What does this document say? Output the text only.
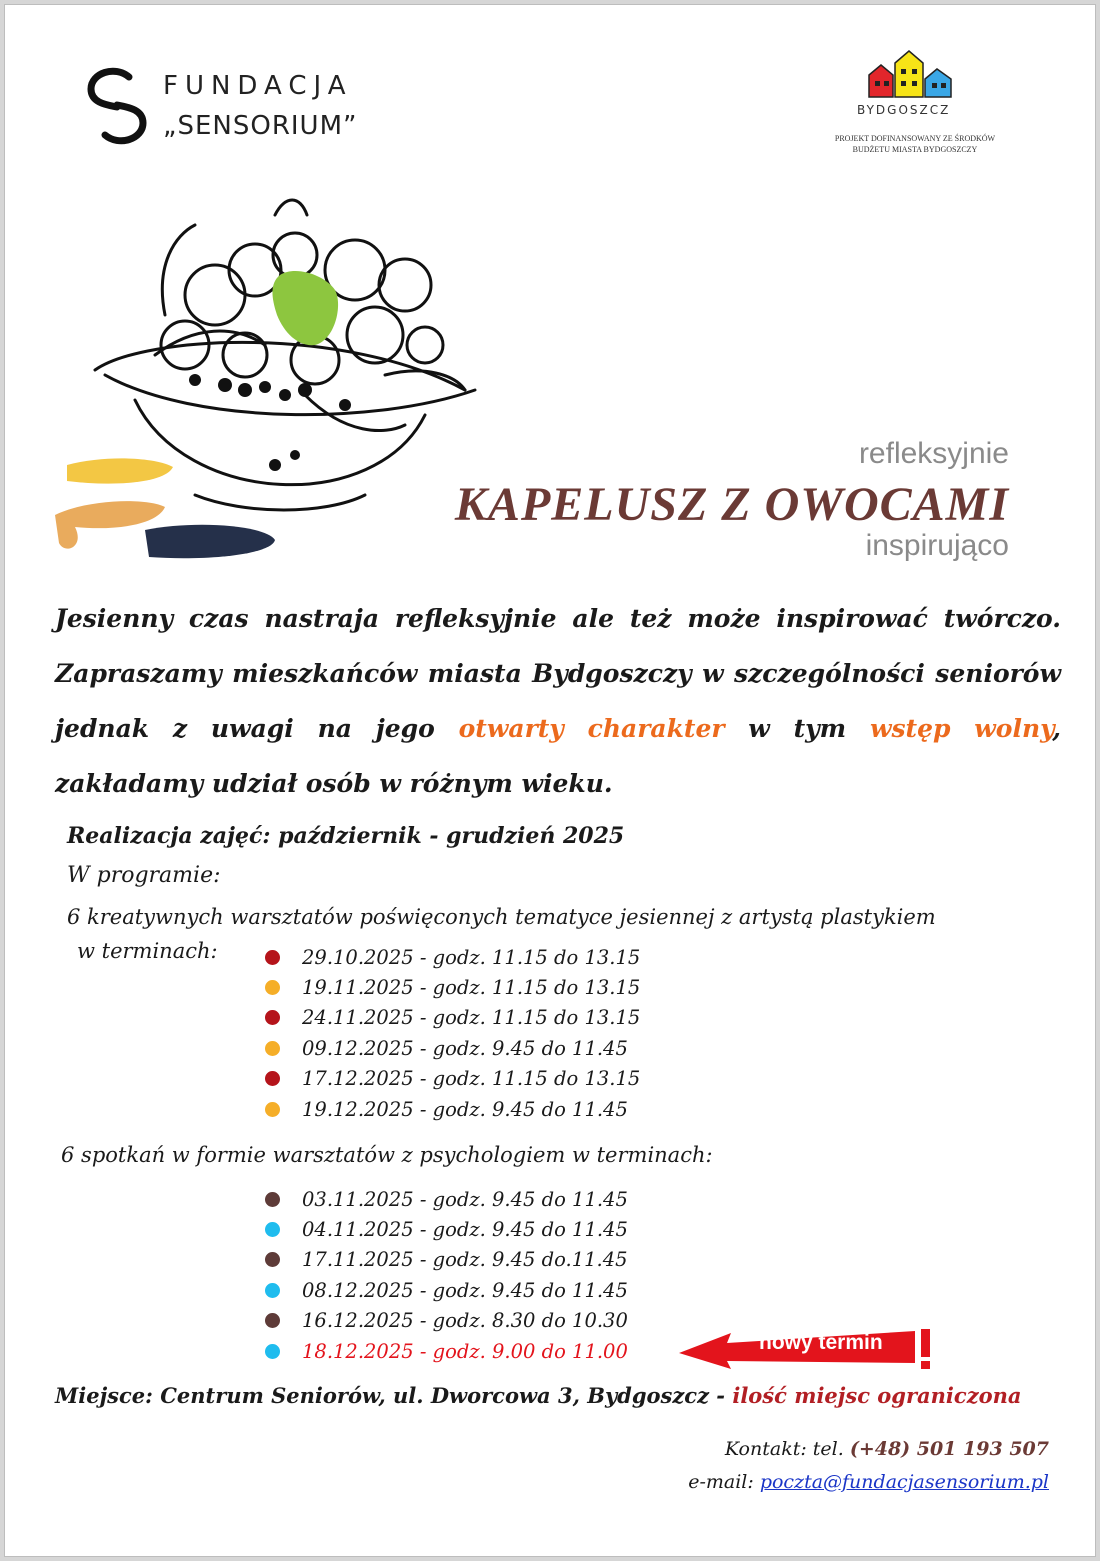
FUNDACJA
„SENSORIUM”
BYDGOSZCZ
PROJEKT DOFINANSOWANY ZE ŚRODKÓW
BUDŻETU MIASTA BYDGOSZCZY
refleksyjnie
KAPELUSZ Z OWOCAMI
inspirująco
Jesienny czas nastraja refleksyjnie ale też może inspirować twórczo. Zapraszamy mieszkańców miasta Bydgoszczy w szczególności seniorów jednak z uwagi na jego otwarty charakter w tym wstęp wolny, zakładamy udział osób w różnym wieku.
Realizacja zajęć: październik - grudzień 2025
W programie:
6 kreatywnych warsztatów poświęconych tematyce jesiennej z artystą plastykiem
w terminach:	29.10.2025 - godz. 11.15 do 13.15
19.11.2025 - godz. 11.15 do 13.15
24.11.2025 - godz. 11.15 do 13.15
09.12.2025 - godz. 9.45 do 11.45
17.12.2025 - godz. 11.15 do 13.15
19.12.2025 - godz. 9.45 do 11.45
6 spotkań w formie warsztatów z psychologiem w terminach:
03.11.2025 - godz. 9.45 do 11.45
04.11.2025 - godz. 9.45 do 11.45
17.11.2025 - godz. 9.45 do.11.45
08.12.2025 - godz. 9.45 do 11.45
16.12.2025 - godz. 8.30 do 10.30
18.12.2025 - godz. 9.00 do 11.00	nowy termin
Miejsce: Centrum Seniorów, ul. Dworcowa 3, Bydgoszcz - ilość miejsc ograniczona
Kontakt: tel. (+48) 501 193 507
e-mail: poczta@fundacjasensorium.pl
